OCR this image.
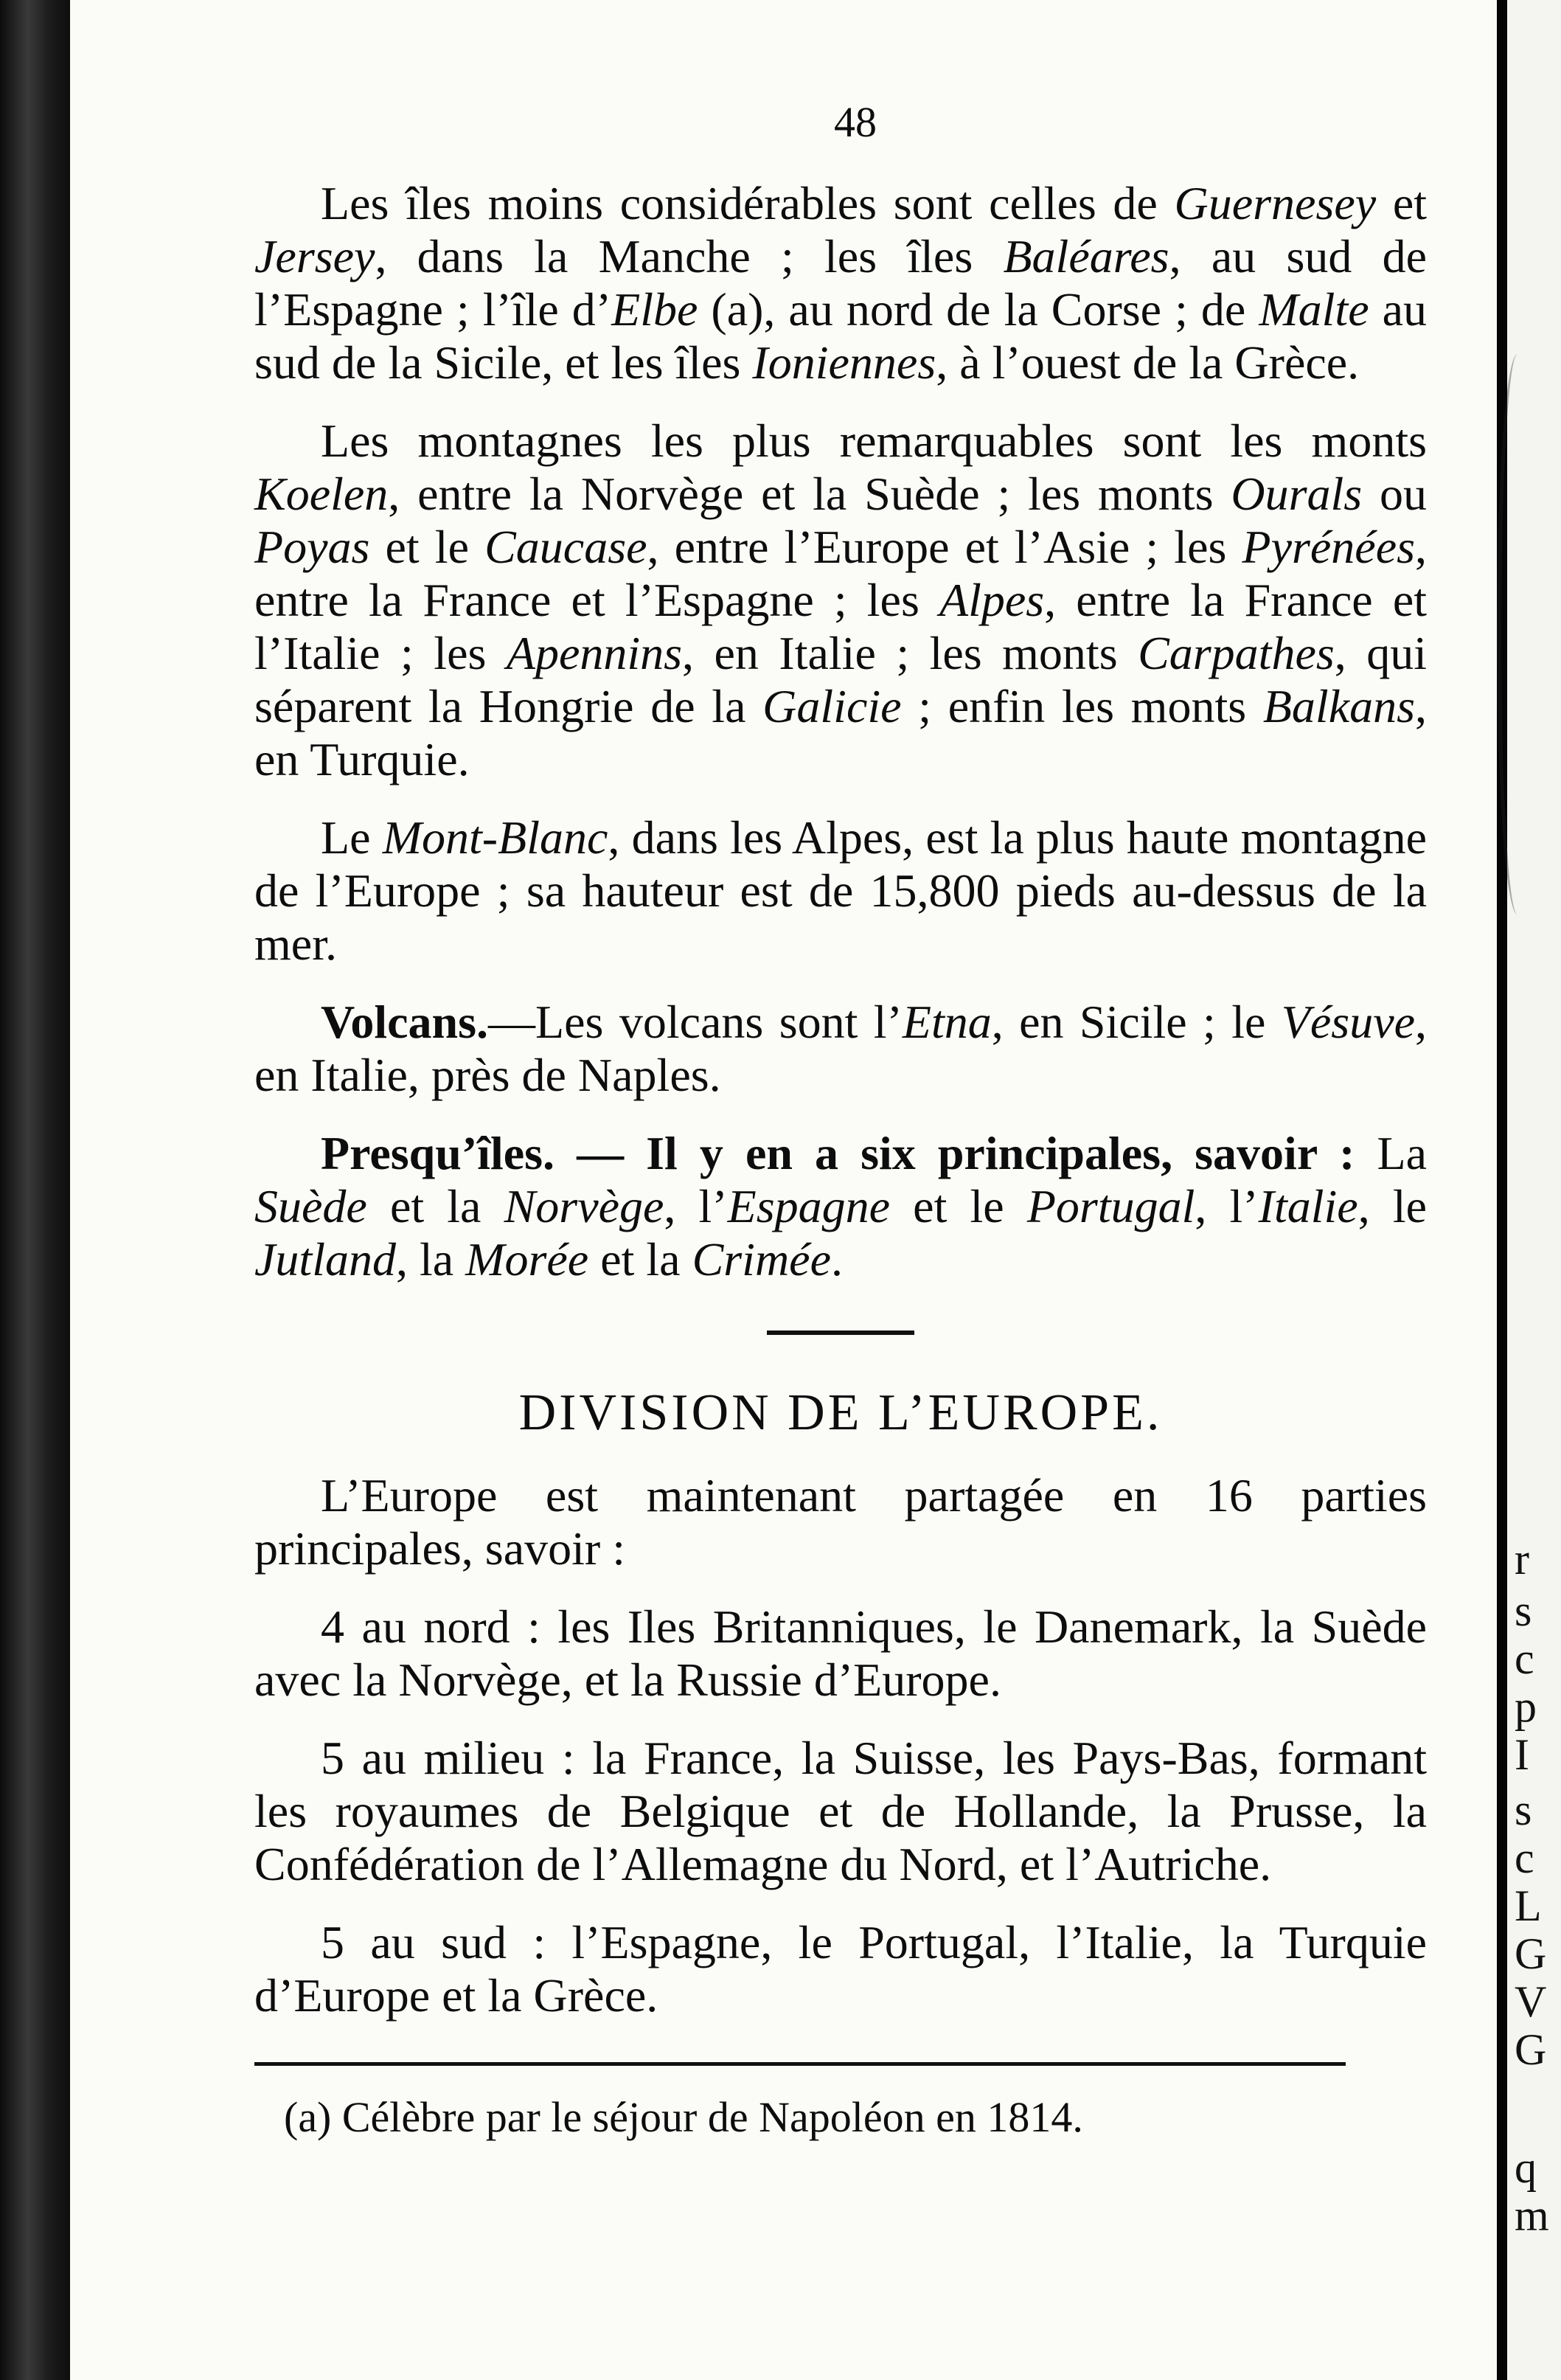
r
s
c
p
I
s
c
L
G
V
G
q
m
48

Les îles moins considérables sont celles de Guernesey et Jersey, dans la Manche ; les îles Baléares, au sud de l’Espagne ; l’île d’Elbe (a), au nord de la Corse ; de Malte au sud de la Sicile, et les îles Ioniennes, à l’ouest de la Grèce.

Les montagnes les plus remarquables sont les monts Koelen, entre la Norvège et la Suède ; les monts Ourals ou Poyas et le Caucase, entre l’Europe et l’Asie ; les Pyrénées, entre la France et l’Espagne ; les Alpes, entre la France et l’Italie ; les Apennins, en Italie ; les monts Carpathes, qui séparent la Hongrie de la Galicie ; enfin les monts Balkans, en Turquie.

Le Mont-Blanc, dans les Alpes, est la plus haute montagne de l’Europe ; sa hauteur est de 15,800 pieds au-dessus de la mer.

Volcans.—Les volcans sont l’Etna, en Sicile ; le Vésuve, en Italie, près de Naples.

Presqu’îles. — Il y en a six principales, savoir : La Suède et la Norvège, l’Espagne et le Portugal, l’Italie, le Jutland, la Morée et la Crimée.

DIVISION DE L’EUROPE.

L’Europe est maintenant partagée en 16 parties principales, savoir :

4 au nord : les Iles Britanniques, le Danemark, la Suède avec la Norvège, et la Russie d’Europe.

5 au milieu : la France, la Suisse, les Pays-Bas, formant les royaumes de Belgique et de Hollande, la Prusse, la Confédération de l’Allemagne du Nord, et l’Autriche.

5 au sud : l’Espagne, le Portugal, l’Italie, la Turquie d’Europe et la Grèce.

(a) Célèbre par le séjour de Napoléon en 1814.
